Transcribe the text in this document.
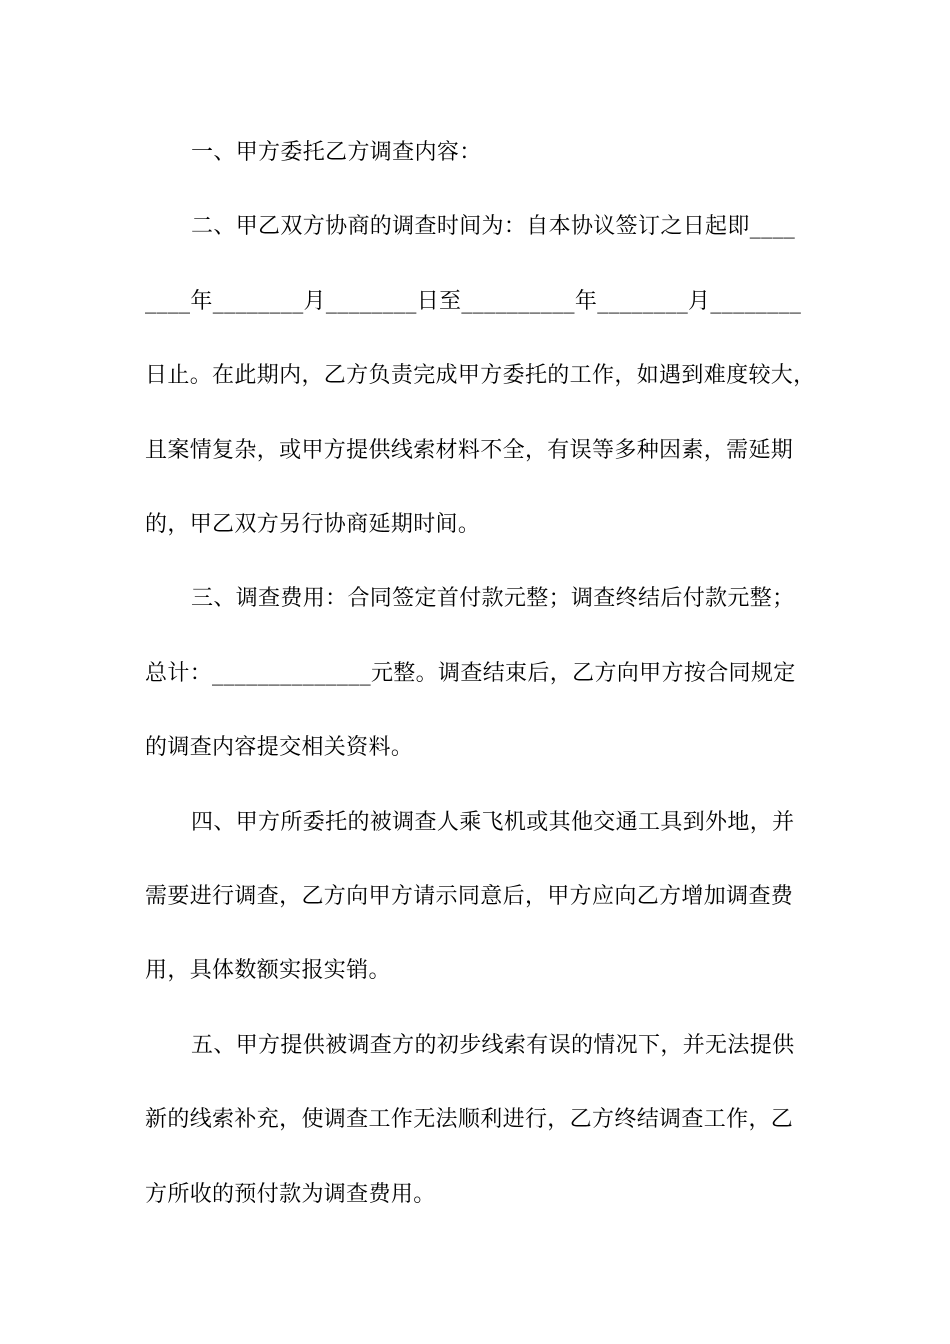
一、甲方委托乙方调查内容：
二、甲乙双方协商的调查时间为：自本协议签订之日起即____
____年________月________日至__________年________月________
日止。在此期内，乙方负责完成甲方委托的工作，如遇到难度较大，
且案情复杂，或甲方提供线索材料不全，有误等多种因素，需延期
的，甲乙双方另行协商延期时间。
三、调查费用：合同签定首付款元整；调查终结后付款元整；
总计：______________元整。调查结束后，乙方向甲方按合同规定
的调查内容提交相关资料。
四、甲方所委托的被调查人乘飞机或其他交通工具到外地，并
需要进行调查，乙方向甲方请示同意后，甲方应向乙方增加调查费
用，具体数额实报实销。
五、甲方提供被调查方的初步线索有误的情况下，并无法提供
新的线索补充，使调查工作无法顺利进行，乙方终结调查工作，乙
方所收的预付款为调查费用。
